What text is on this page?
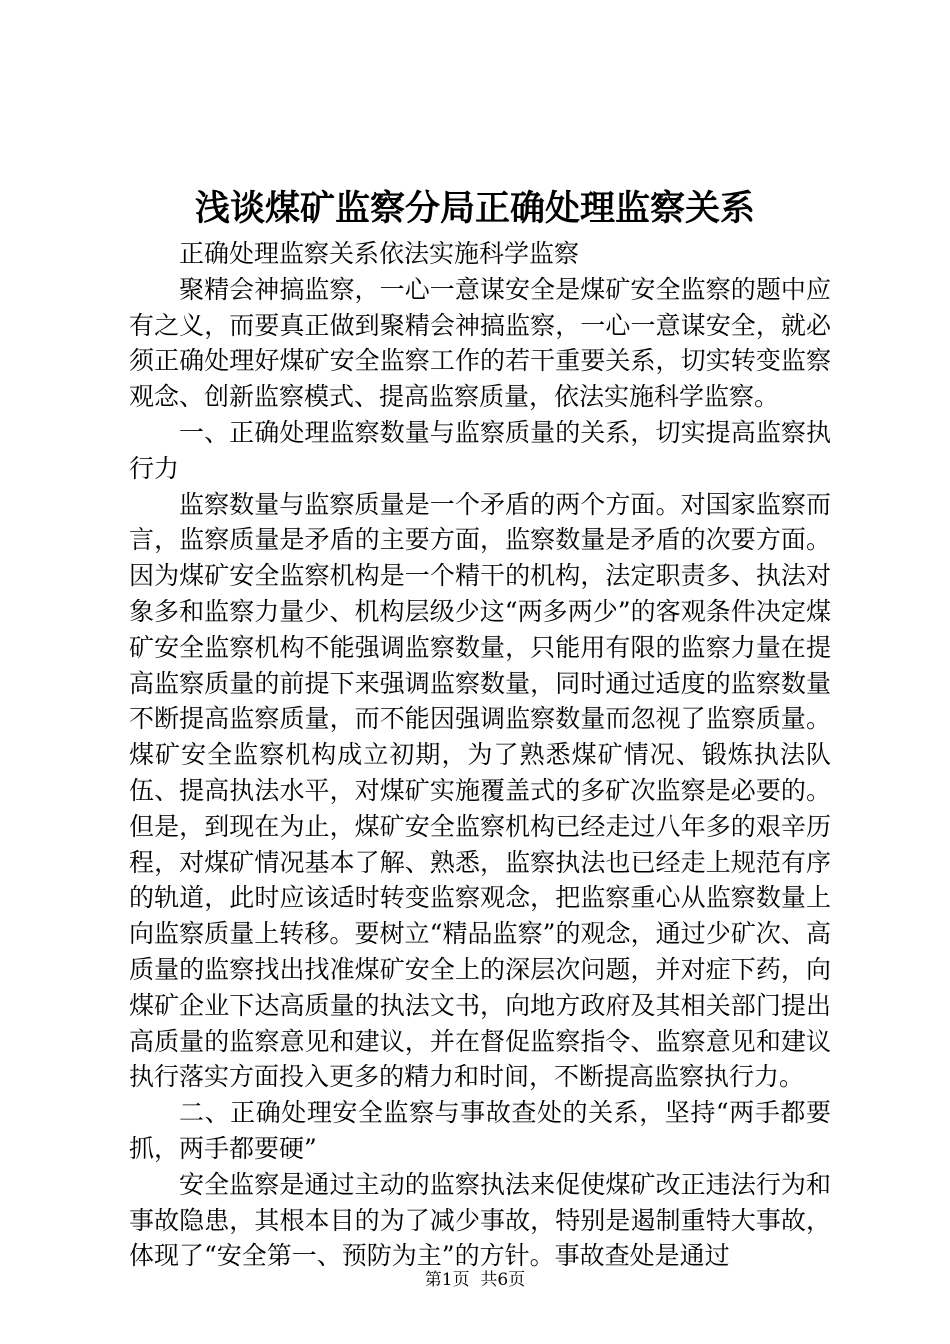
浅谈煤矿监察分局正确处理监察关系

正确处理监察关系依法实施科学监察

聚精会神搞监察，一心一意谋安全是煤矿安全监察的题中应有之义，而要真正做到聚精会神搞监察，一心一意谋安全，就必须正确处理好煤矿安全监察工作的若干重要关系，切实转变监察观念、创新监察模式、提高监察质量，依法实施科学监察。

一、正确处理监察数量与监察质量的关系，切实提高监察执行力

监察数量与监察质量是一个矛盾的两个方面。对国家监察而言，监察质量是矛盾的主要方面，监察数量是矛盾的次要方面。因为煤矿安全监察机构是一个精干的机构，法定职责多、执法对象多和监察力量少、机构层级少这“两多两少”的客观条件决定煤矿安全监察机构不能强调监察数量，只能用有限的监察力量在提高监察质量的前提下来强调监察数量，同时通过适度的监察数量不断提高监察质量，而不能因强调监察数量而忽视了监察质量。煤矿安全监察机构成立初期，为了熟悉煤矿情况、锻炼执法队伍、提高执法水平，对煤矿实施覆盖式的多矿次监察是必要的。但是，到现在为止，煤矿安全监察机构已经走过八年多的艰辛历程，对煤矿情况基本了解、熟悉，监察执法也已经走上规范有序的轨道，此时应该适时转变监察观念，把监察重心从监察数量上向监察质量上转移。要树立“精品监察”的观念，通过少矿次、高质量的监察找出找准煤矿安全上的深层次问题，并对症下药，向煤矿企业下达高质量的执法文书，向地方政府及其相关部门提出高质量的监察意见和建议，并在督促监察指令、监察意见和建议执行落实方面投入更多的精力和时间，不断提高监察执行力。

二、正确处理安全监察与事故查处的关系，坚持“两手都要抓，两手都要硬”

安全监察是通过主动的监察执法来促使煤矿改正违法行为和事故隐患，其根本目的为了减少事故，特别是遏制重特大事故，体现了“安全第一、预防为主”的方针。事故查处是通过

第1页 共6页
